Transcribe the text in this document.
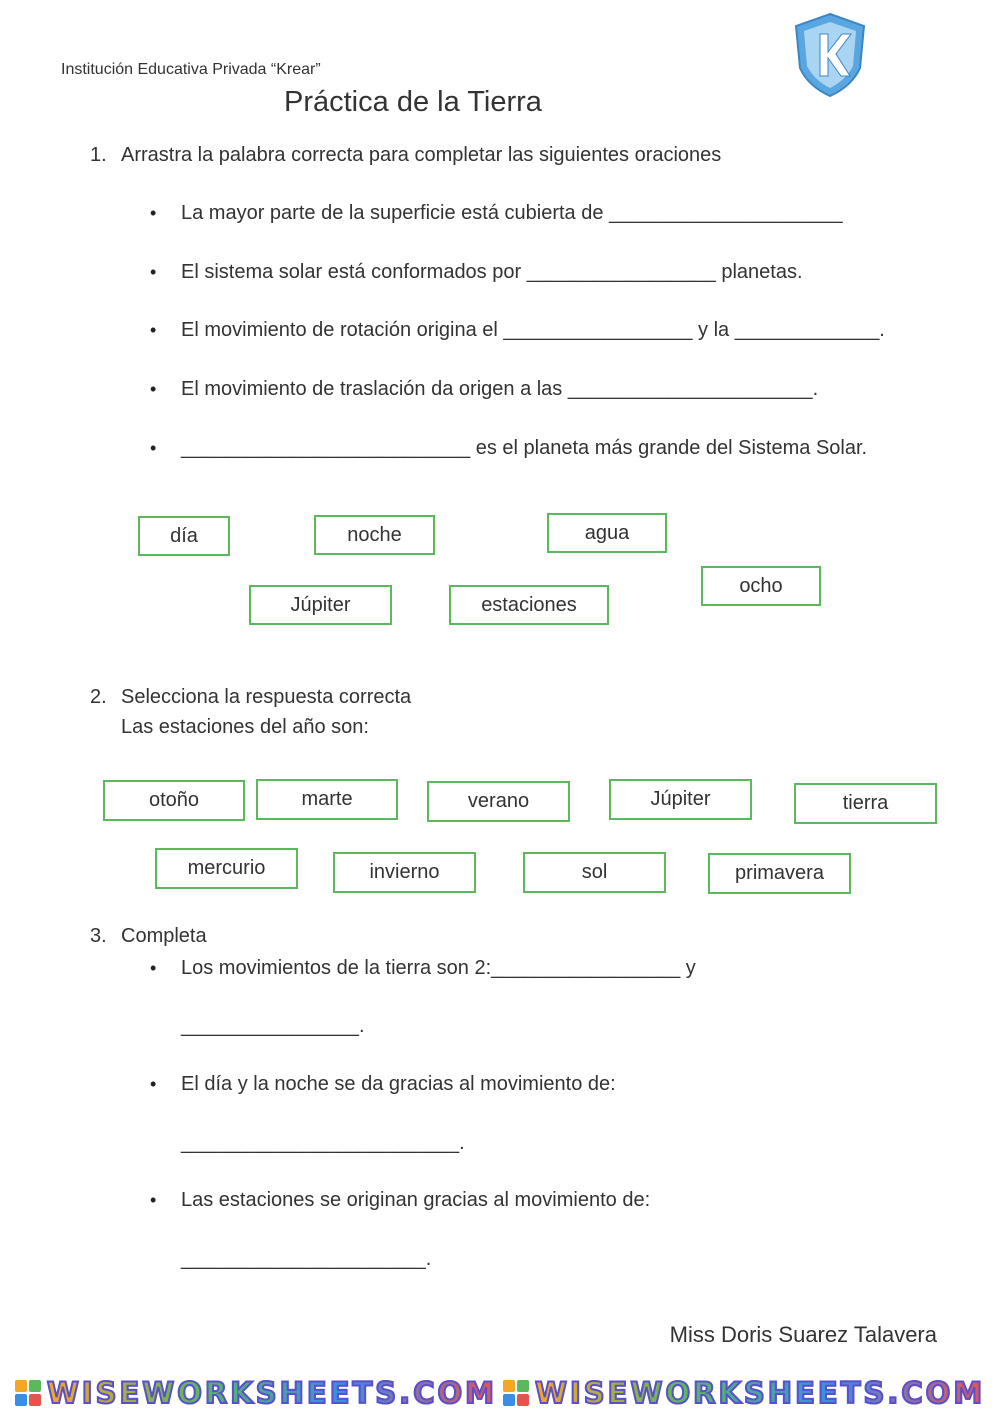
Institución Educativa Privada “Krear”
Práctica de la Tierra
1. Arrastra la palabra correcta para completar las siguientes oraciones
• La mayor parte de la superficie está cubierta de _____________________
• El sistema solar está conformados por _________________ planetas.
• El movimiento de rotación origina el _________________ y la _____________.
• El movimiento de traslación da origen a las ______________________.
• __________________________ es el planeta más grande del Sistema Solar.
día	noche	agua
Júpiter	estaciones
ocho
2. Selecciona la respuesta correcta
Las estaciones del año son:
otoño	marte	verano	Júpiter	tierra
mercurio	invierno	sol	primavera
3. Completa
• Los movimientos de la tierra son 2:_________________ y
________________.
• El día y la noche se da gracias al movimiento de:
_________________________.
• Las estaciones se originan gracias al movimiento de:
______________________.
Miss Doris Suarez Talavera
WISEWORKSHEETS.COM WISEWORKSHEETS.COM
